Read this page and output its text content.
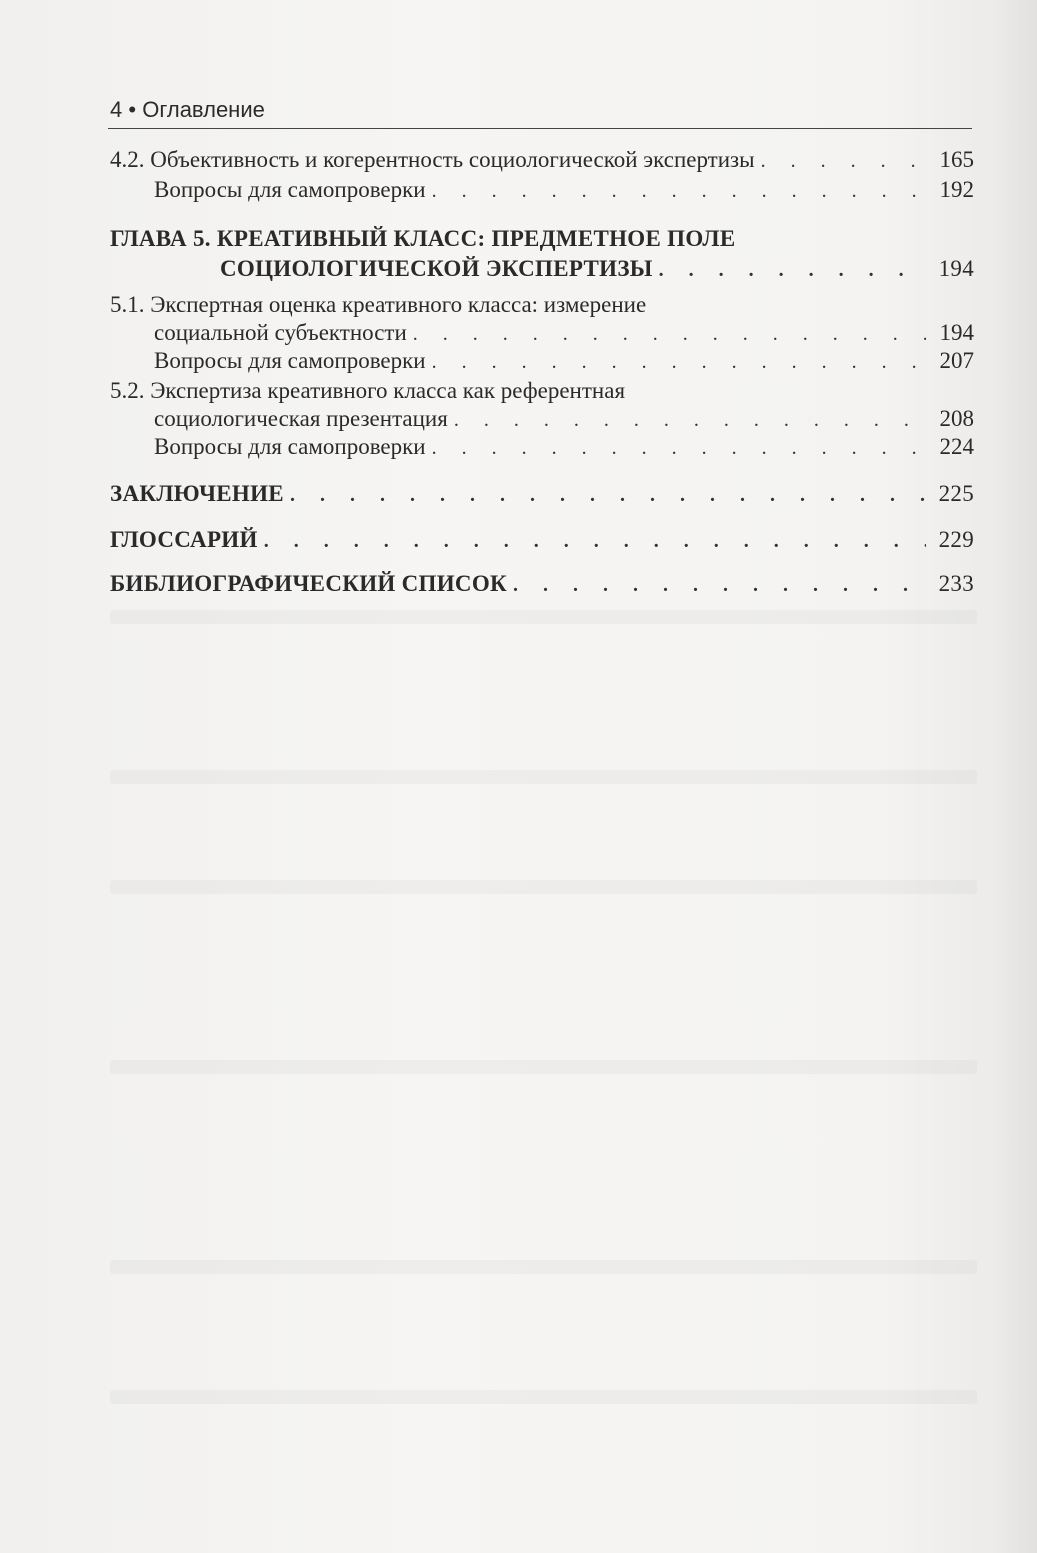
4 • Оглавление
4.2. Объективность и когерентность социологической экспертизы . . .	165
Вопросы для самопроверки . . .	192
ГЛАВА 5. КРЕАТИВНЫЙ КЛАСС: ПРЕДМЕТНОЕ ПОЛЕ
СОЦИОЛОГИЧЕСКОЙ ЭКСПЕРТИЗЫ . . .	194
5.1. Экспертная оценка креативного класса: измерение
социальной субъектности . . .	194
Вопросы для самопроверки . . .	207
5.2. Экспертиза креативного класса как референтная
социологическая презентация . . .	208
Вопросы для самопроверки . . .	224
ЗАКЛЮЧЕНИЕ . . .	225
ГЛОССАРИЙ . . .	229
БИБЛИОГРАФИЧЕСКИЙ СПИСОК . . .	233
